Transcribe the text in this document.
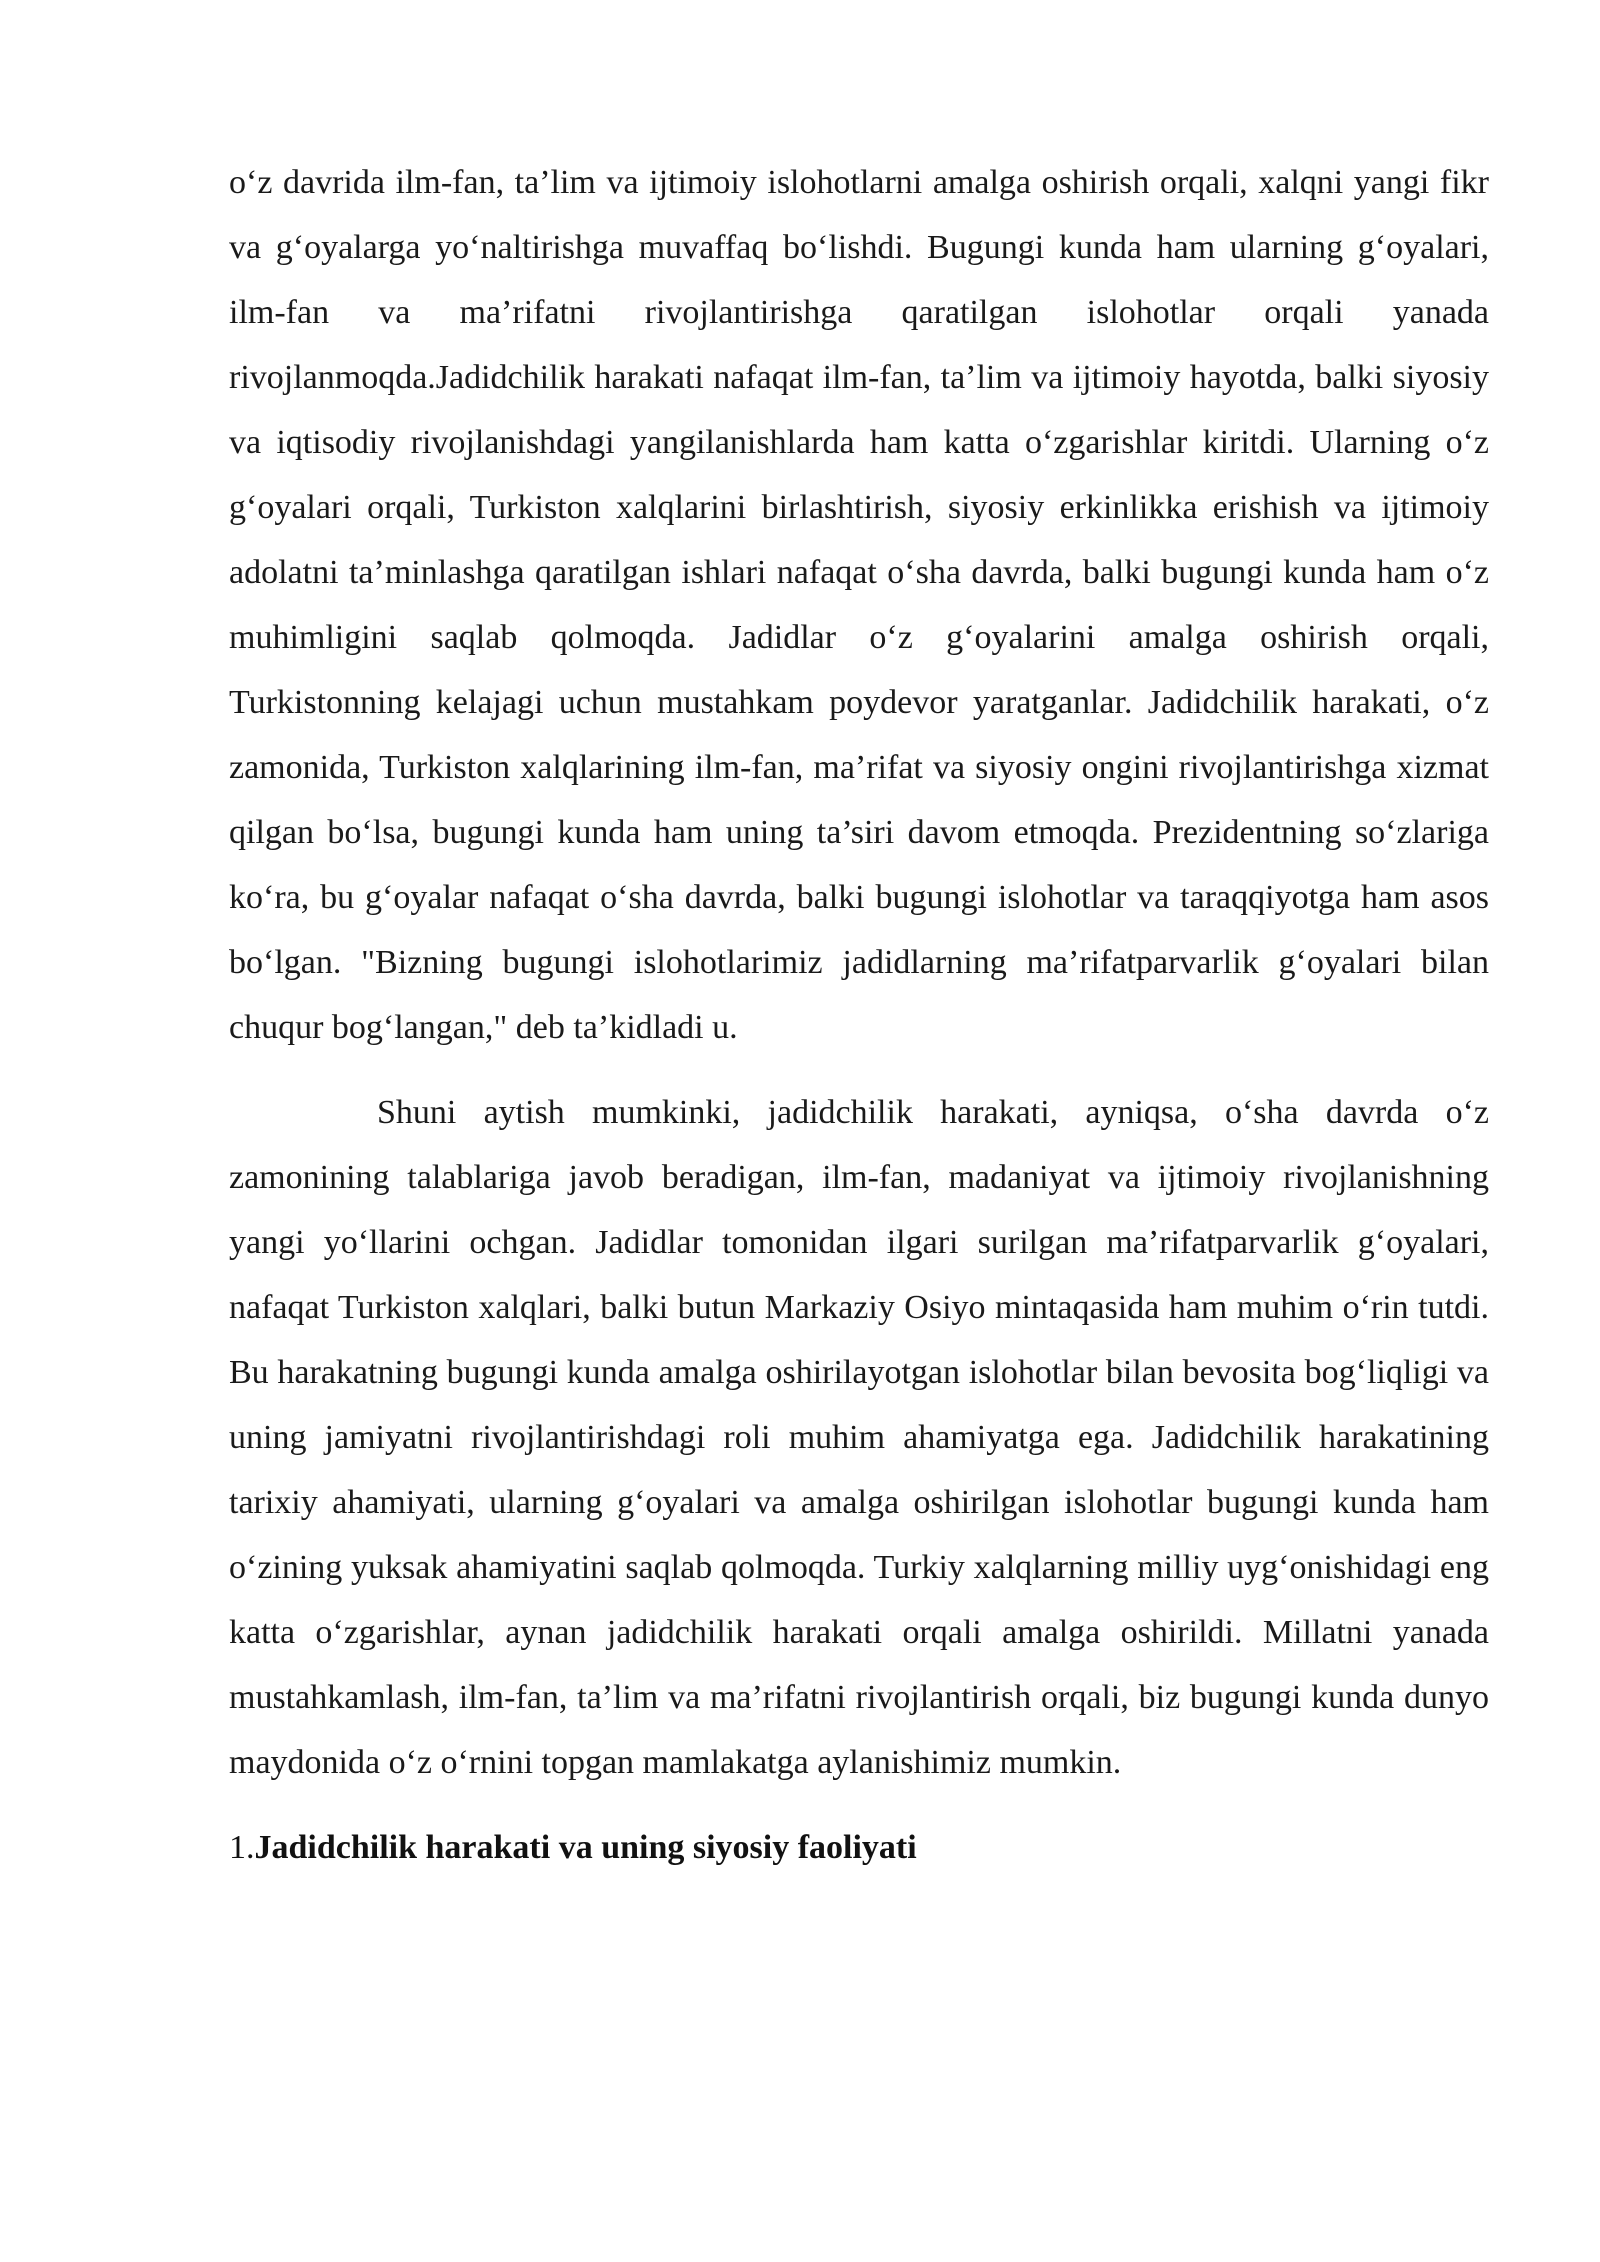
o‘z davrida ilm-fan, ta’lim va ijtimoiy islohotlarni amalga oshirish orqali, xalqni yangi fikr va g‘oyalarga yo‘naltirishga muvaffaq bo‘lishdi. Bugungi kunda ham ularning g‘oyalari, ilm-fan va ma’rifatni rivojlantirishga qaratilgan islohotlar orqali yanada rivojlanmoqda.Jadidchilik harakati nafaqat ilm-fan, ta’lim va ijtimoiy hayotda, balki siyosiy va iqtisodiy rivojlanishdagi yangilanishlarda ham katta o‘zgarishlar kiritdi. Ularning o‘z g‘oyalari orqali, Turkiston xalqlarini birlashtirish, siyosiy erkinlikka erishish va ijtimoiy adolatni ta’minlashga qaratilgan ishlari nafaqat o‘sha davrda, balki bugungi kunda ham o‘z muhimligini saqlab qolmoqda. Jadidlar o‘z g‘oyalarini amalga oshirish orqali, Turkistonning kelajagi uchun mustahkam poydevor yaratganlar. Jadidchilik harakati, o‘z zamonida, Turkiston xalqlarining ilm-fan, ma’rifat va siyosiy ongini rivojlantirishga xizmat qilgan bo‘lsa, bugungi kunda ham uning ta’siri davom etmoqda. Prezidentning so‘zlariga ko‘ra, bu g‘oyalar nafaqat o‘sha davrda, balki bugungi islohotlar va taraqqiyotga ham asos bo‘lgan. "Bizning bugungi islohotlarimiz jadidlarning ma’rifatparvarlik g‘oyalari bilan chuqur bog‘langan," deb ta’kidladi u.

Shuni aytish mumkinki, jadidchilik harakati, ayniqsa, o‘sha davrda o‘z zamonining talablariga javob beradigan, ilm-fan, madaniyat va ijtimoiy rivojlanishning yangi yo‘llarini ochgan. Jadidlar tomonidan ilgari surilgan ma’rifatparvarlik g‘oyalari, nafaqat Turkiston xalqlari, balki butun Markaziy Osiyo mintaqasida ham muhim o‘rin tutdi. Bu harakatning bugungi kunda amalga oshirilayotgan islohotlar bilan bevosita bog‘liqligi va uning jamiyatni rivojlantirishdagi roli muhim ahamiyatga ega. Jadidchilik harakatining tarixiy ahamiyati, ularning g‘oyalari va amalga oshirilgan islohotlar bugungi kunda ham o‘zining yuksak ahamiyatini saqlab qolmoqda. Turkiy xalqlarning milliy uyg‘onishidagi eng katta o‘zgarishlar, aynan jadidchilik harakati orqali amalga oshirildi. Millatni yanada mustahkamlash, ilm-fan, ta’lim va ma’rifatni rivojlantirish orqali, biz bugungi kunda dunyo maydonida o‘z o‘rnini topgan mamlakatga aylanishimiz mumkin.

1.Jadidchilik harakati va uning siyosiy faoliyati
